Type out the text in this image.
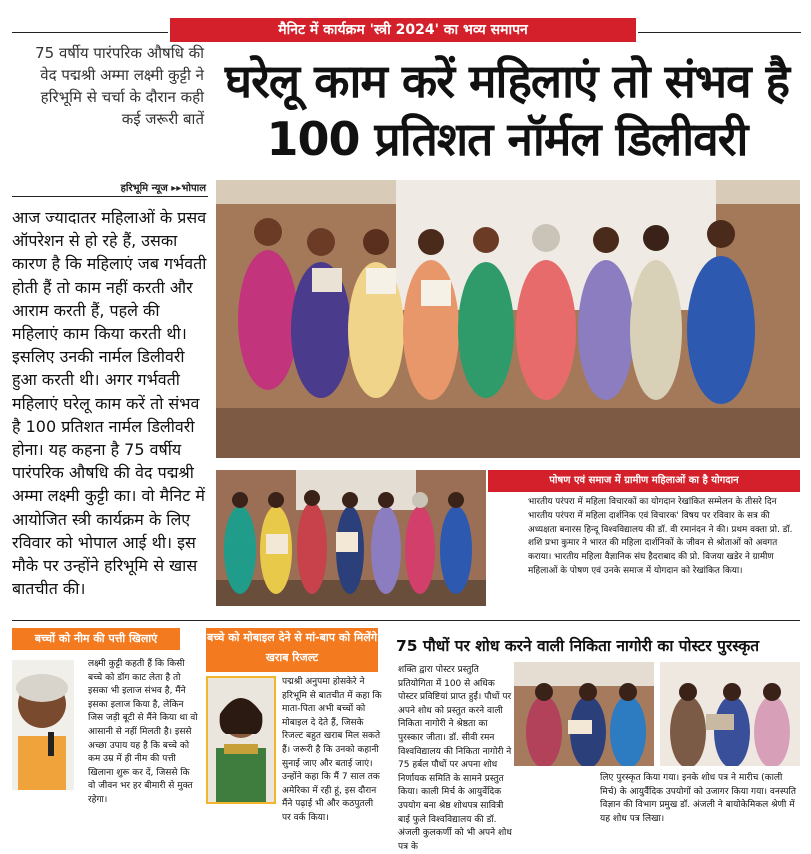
मैनिट में कार्यक्रम 'स्त्री 2024' का भव्य समापन
75 वर्षीय पारंपरिक औषधि की वेद पद्मश्री अम्मा लक्ष्मी कुट्टी ने हरिभूमि से चर्चा के दौरान कही कई जरूरी बातें
हरिभूमि न्यूज ▸▸भोपाल
घरेलू काम करें महिलाएं तो संभव है 100 प्रतिशत नॉर्मल डिलीवरी
आज ज्यादातर महिलाओं के प्रसव ऑपरेशन से हो रहे हैं, उसका कारण है कि महिलाएं जब गर्भवती होती हैं तो काम नहीं करती और आराम करती हैं, पहले की महिलाएं काम किया करती थी। इसलिए उनकी नार्मल डिलीवरी हुआ करती थी। अगर गर्भवती महिलाएं घरेलू काम करें तो संभव है 100 प्रतिशत नार्मल डिलीवरी होना। यह कहना है 75 वर्षीय पारंपरिक औषधि की वेद पद्मश्री अम्मा लक्ष्मी कुट्टी का। वो मैनिट में आयोजित स्त्री कार्यक्रम के लिए रविवार को भोपाल आई थी। इस मौके पर उन्होंने हरिभूमि से खास बातचीत की।
पोषण एवं समाज में ग्रामीण महिलाओं का है योगदान
भारतीय परंपरा में महिला विचारकों का योगदान रेखांकित सम्मेलन के तीसरे दिन भारतीय परंपरा में महिला दार्शनिक एवं विचारक' विषय पर रविवार के सत्र की अध्यक्षता बनारस हिन्दू विश्वविद्यालय की डॉ. वी रमानंदन ने की। प्रथम वक्ता प्रो. डॉ. शशि प्रभा कुमार ने भारत की महिला दार्शनिकों के जीवन से श्रोताओं को अवगत कराया। भारतीय महिला वैज्ञानिक संघ हैदराबाद की प्रो. विजया खडेर ने ग्रामीण महिलाओं के पोषण एवं उनके समाज में योगदान को रेखांकित किया।
बच्चों को नीम की पत्ती खिलाएं
लक्ष्मी कुट्टी कहती हैं कि किसी बच्चे को डॉग काट लेता है तो इसका भी इलाज संभव है, मैंने इसका इलाज किया है, लेकिन जिस जड़ी बूटी से मैंने किया था वो आसानी से नहीं मिलती है। इससे अच्छा उपाय यह है कि बच्चे को कम उम्र में ही नीम की पत्ती खिलाना शुरू कर दें, जिससे कि वो जीवन भर हर बीमारी से मुक्त रहेगा।
बच्चे को मोबाइल देने से मां-बाप को मिलेंगे खराब रिजल्ट
पद्मश्री अनुपमा होसकेरे ने हरिभूमि से बातचीत में कहा कि माता-पिता अभी बच्चों को मोबाइल दे देते हैं, जिसके रिजल्ट बहुत खराब मिल सकते हैं। जरूरी है कि उनको कहानी सुनाई जाए और बताई जाएं। उन्होंने कहा कि मैं 7 साल तक अमेरिका में रही हूं, इस दौरान मैंने पढ़ाई भी और कठपुतली पर वर्क किया।
75 पौधों पर शोध करने वाली निकिता नागोरी का पोस्टर पुरस्कृत
शक्ति द्वारा पोस्टर प्रस्तुति प्रतियोगिता में 100 से अधिक पोस्टर प्रविष्टियां प्राप्त हुईं। पौधों पर अपने शोध को प्रस्तुत करने वाली निकिता नागोरी ने श्रेष्ठता का पुरस्कार जीता। डॉ. सीवी रमन विश्वविद्यालय की निकिता नागोरी ने 75 हर्बल पौधों पर अपना शोध निर्णायक समिति के सामने प्रस्तुत किया। काली मिर्च के आयुर्वेदिक उपयोग बना श्रेष्ठ शोधपत्र सावित्री बाई फुले विश्वविद्यालय की डॉ. अंजली कुलकर्णी को भी अपने शोध पत्र के
लिए पुरस्कृत किया गया। इनके शोध पत्र ने मारीच (काली मिर्च) के आयुर्वैदिक उपयोगों को उजागर किया गया। वनस्पति विज्ञान की विभाग प्रमुख डॉ. अंजली ने बायोकेमिकल श्रेणी में यह शोध पत्र लिखा।
